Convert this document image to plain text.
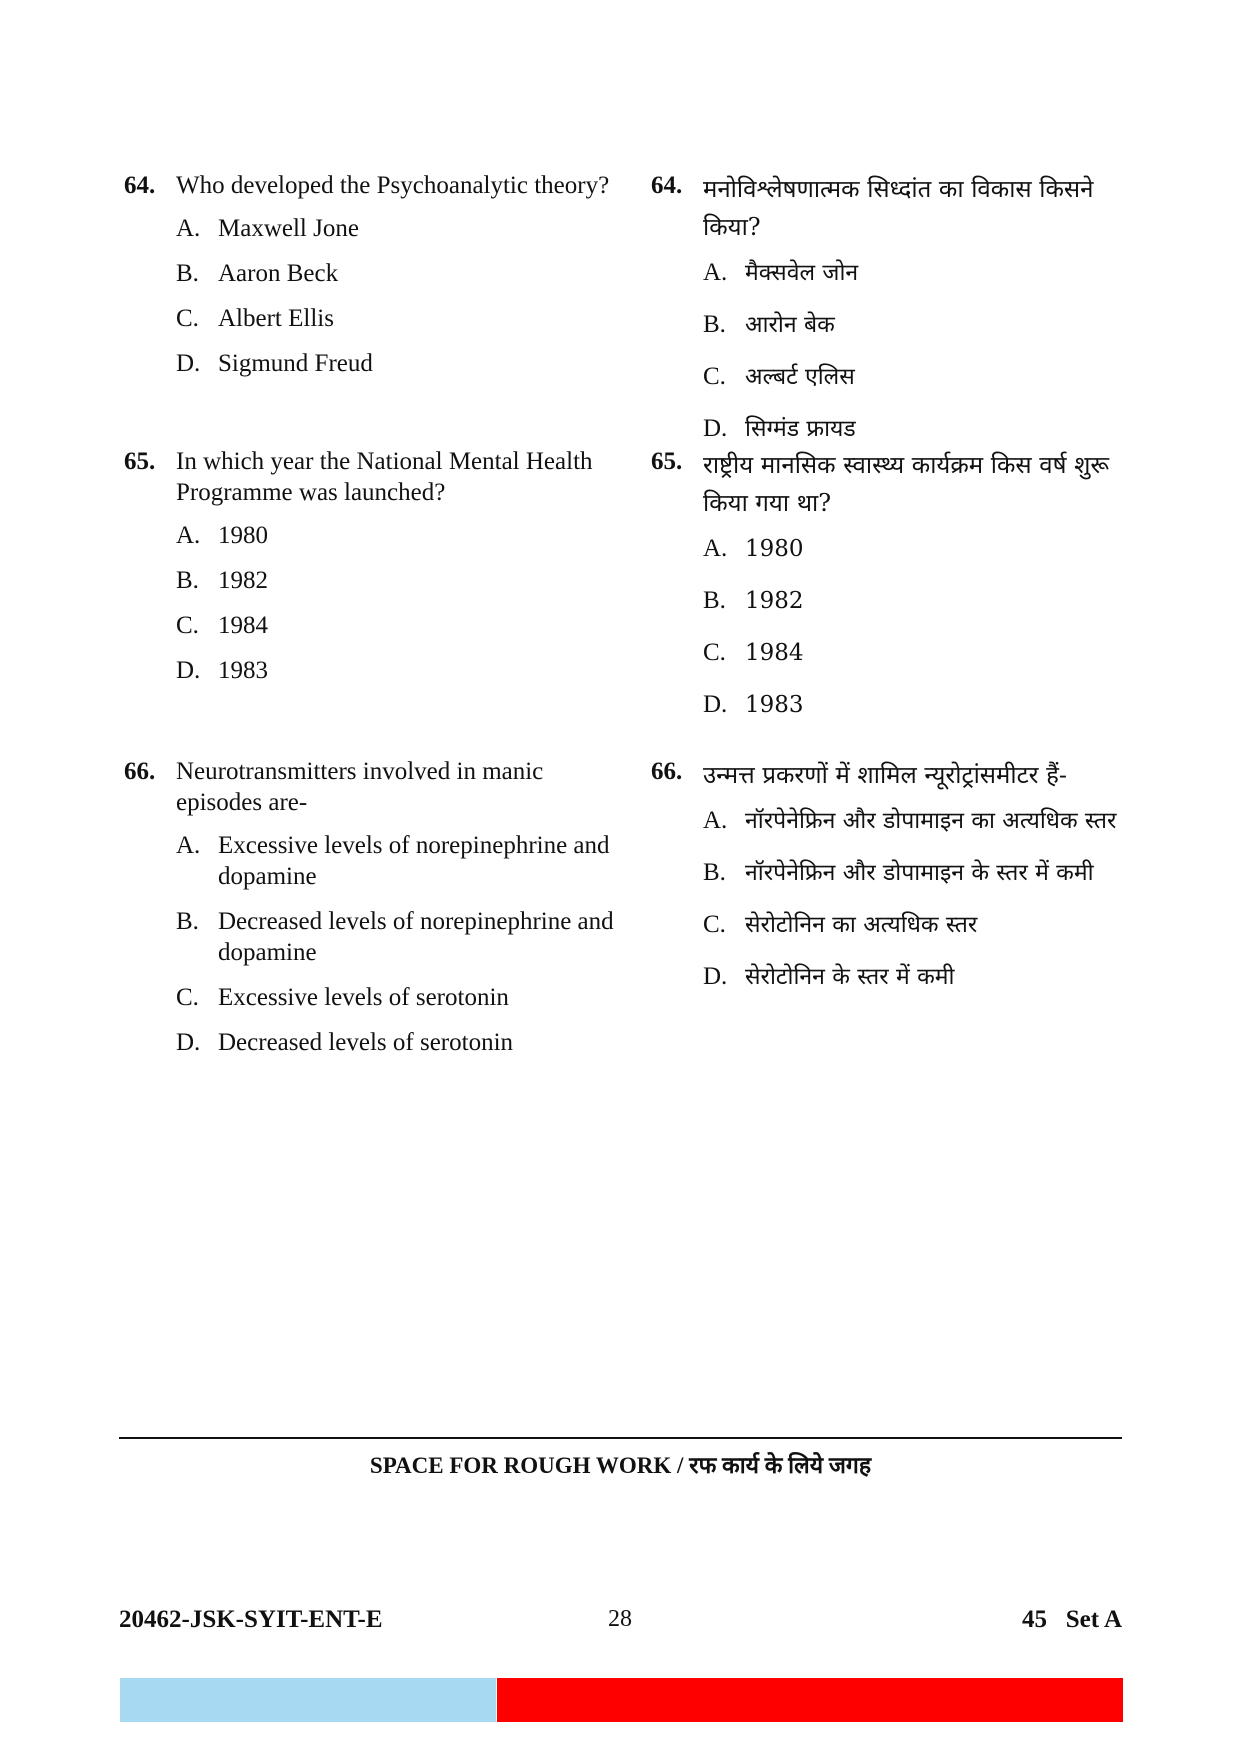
64. Who developed the Psychoanalytic theory?
A. Maxwell Jone
B. Aaron Beck
C. Albert Ellis
D. Sigmund Freud
65. In which year the National Mental Health Programme was launched?
A. 1980
B. 1982
C. 1984
D. 1983
66. Neurotransmitters involved in manic episodes are-
A. Excessive levels of norepinephrine and dopamine
B. Decreased levels of norepinephrine and dopamine
C. Excessive levels of serotonin
D. Decreased levels of serotonin
64. मनोविश्लेषणात्मक सिध्दांत का विकास किसने किया?
A. मैक्सवेल जोन
B. आरोन बेक
C. अल्बर्ट एलिस
D. सिग्मंड फ्रायड
65. राष्ट्रीय मानसिक स्वास्थ्य कार्यक्रम किस वर्ष शुरू किया गया था?
A. 1980
B. 1982
C. 1984
D. 1983
66. उन्मत्त प्रकरणों में शामिल न्यूरोट्रांसमीटर हैं-
A. नॉरपेनेफ्रिन और डोपामाइन का अत्यधिक स्तर
B. नॉरपेनेफ्रिन और डोपामाइन के स्तर में कमी
C. सेरोटोनिन का अत्यधिक स्तर
D. सेरोटोनिन के स्तर में कमी
SPACE FOR ROUGH WORK / रफ कार्य के लिये जगह
20462-JSK-SYIT-ENT-E	28	45   Set A
